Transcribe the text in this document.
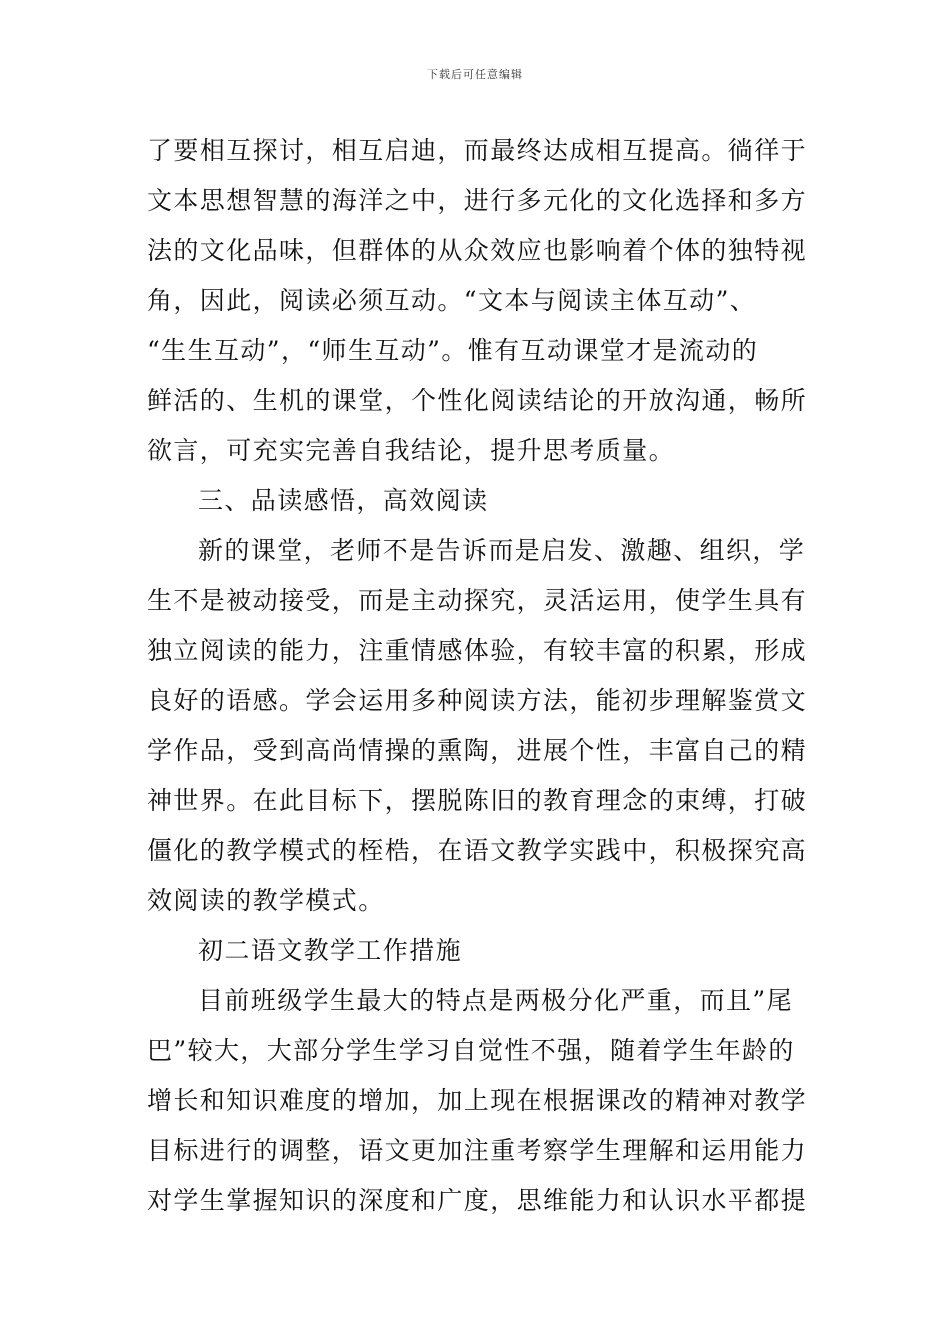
下载后可任意编辑
了要相互探讨，相互启迪，而最终达成相互提高。徜徉于
文本思想智慧的海洋之中，进行多元化的文化选择和多方
法的文化品味，但群体的从众效应也影响着个体的独特视
角，因此，阅读必须互动。“文本与阅读主体互动”、
“生生互动”，“师生互动”。惟有互动课堂才是流动的
鲜活的、生机的课堂，个性化阅读结论的开放沟通，畅所
欲言，可充实完善自我结论，提升思考质量。
三、品读感悟，高效阅读
新的课堂，老师不是告诉而是启发、激趣、组织，学
生不是被动接受，而是主动探究，灵活运用，使学生具有
独立阅读的能力，注重情感体验，有较丰富的积累，形成
良好的语感。学会运用多种阅读方法，能初步理解鉴赏文
学作品，受到高尚情操的熏陶，进展个性，丰富自己的精
神世界。在此目标下，摆脱陈旧的教育理念的束缚，打破
僵化的教学模式的桎梏，在语文教学实践中，积极探究高
效阅读的教学模式。
初二语文教学工作措施
目前班级学生最大的特点是两极分化严重，而且”尾
巴”较大，大部分学生学习自觉性不强，随着学生年龄的
增长和知识难度的增加，加上现在根据课改的精神对教学
目标进行的调整，语文更加注重考察学生理解和运用能力
对学生掌握知识的深度和广度，思维能力和认识水平都提
